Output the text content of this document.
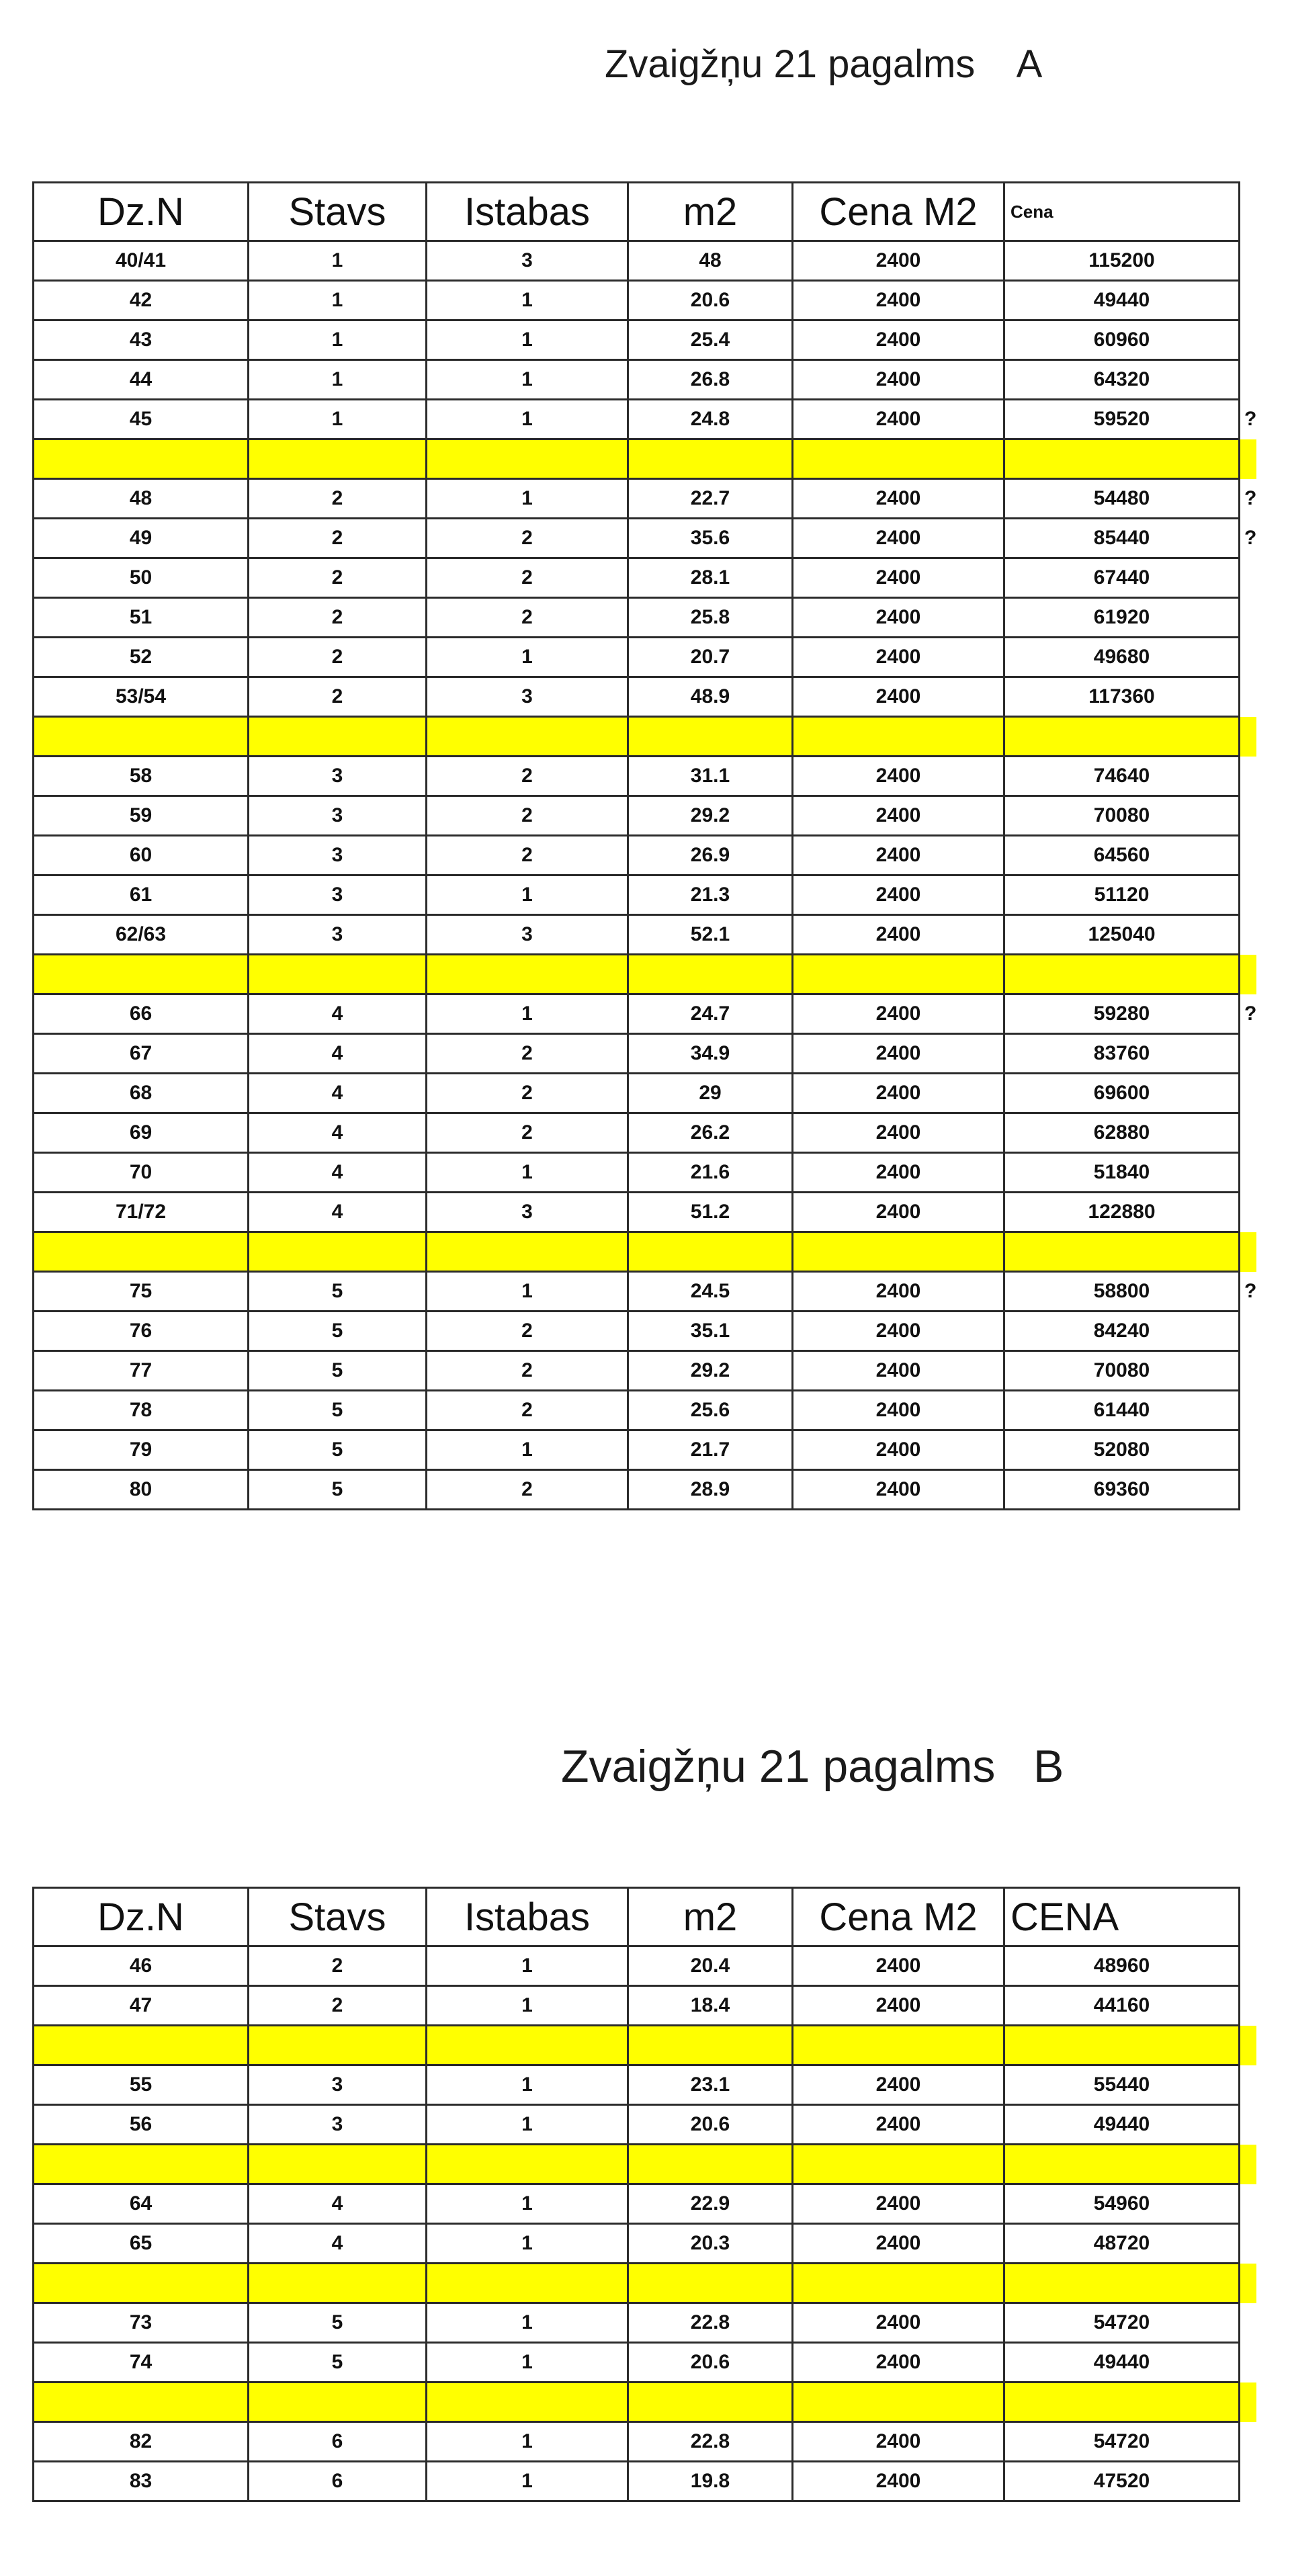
Zvaigžņu 21 pagalms    A
Dz.N	Stavs	Istabas	m2	Cena M2	Cena	
40/41	1	3	48	2400	115200	
42	1	1	20.6	2400	49440	
43	1	1	25.4	2400	60960	
44	1	1	26.8	2400	64320	
45	1	1	24.8	2400	59520	?

48	2	1	22.7	2400	54480	?
49	2	2	35.6	2400	85440	?
50	2	2	28.1	2400	67440	
51	2	2	25.8	2400	61920	
52	2	1	20.7	2400	49680	
53/54	2	3	48.9	2400	117360	

58	3	2	31.1	2400	74640	
59	3	2	29.2	2400	70080	
60	3	2	26.9	2400	64560	
61	3	1	21.3	2400	51120	
62/63	3	3	52.1	2400	125040	

66	4	1	24.7	2400	59280	?
67	4	2	34.9	2400	83760	
68	4	2	29	2400	69600	
69	4	2	26.2	2400	62880	
70	4	1	21.6	2400	51840	
71/72	4	3	51.2	2400	122880	

75	5	1	24.5	2400	58800	?
76	5	2	35.1	2400	84240	
77	5	2	29.2	2400	70080	
78	5	2	25.6	2400	61440	
79	5	1	21.7	2400	52080	
80	5	2	28.9	2400	69360	
Zvaigžņu 21 pagalms   B
Dz.N	Stavs	Istabas	m2	Cena M2	CENA	
46	2	1	20.4	2400	48960	
47	2	1	18.4	2400	44160	

55	3	1	23.1	2400	55440	
56	3	1	20.6	2400	49440	

64	4	1	22.9	2400	54960	
65	4	1	20.3	2400	48720	

73	5	1	22.8	2400	54720	
74	5	1	20.6	2400	49440	

82	6	1	22.8	2400	54720	
83	6	1	19.8	2400	47520	
